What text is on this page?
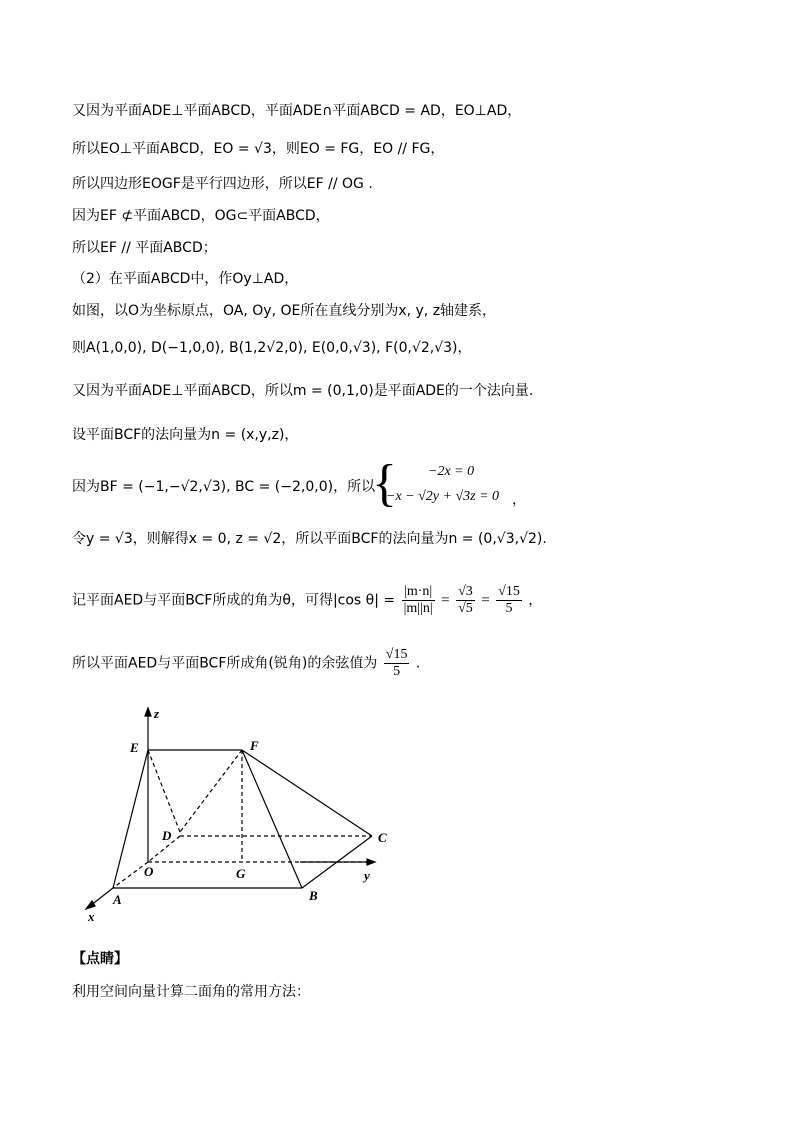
又因为平面ADE⊥平面ABCD，平面ADE∩平面ABCD = AD，EO⊥AD，
所以EO⊥平面ABCD，EO = √3，则EO = FG，EO // FG，
所以四边形EOGF是平行四边形，所以EF // OG .
因为EF ⊄平面ABCD，OG⊂平面ABCD，
所以EF // 平面ABCD；
（2）在平面ABCD中，作Oy⊥AD，
如图，以O为坐标原点，OA, Oy, OE所在直线分别为x, y, z轴建系，
则A(1,0,0), D(−1,0,0), B(1,2√2,0), E(0,0,√3), F(0,√2,√3)，
又因为平面ADE⊥平面ABCD，所以m = (0,1,0)是平面ADE的一个法向量.
设平面BCF的法向量为n = (x,y,z)，
因为BF = (−1,−√2,√3), BC = (−2,0,0)，所以
{ −2x = 0
−x − √2y + √3z = 0 ，
令y = √3，则解得x = 0, z = √2，所以平面BCF的法向量为n = (0,√3,√2).
记平面AED与平面BCF所成的角为θ，可得|cos $\theta| = \frac{|m\cdot n|}{|m||n|} = \frac{√3}{√5} = \frac{√15}{5}$ ，
所以平面AED与平面BCF所成角(锐角)的余弦值为 $\frac{√15}{5}$ .
z
E	F
D	C
O	G	y
A	B
x
【点睛】
利用空间向量计算二面角的常用方法：
